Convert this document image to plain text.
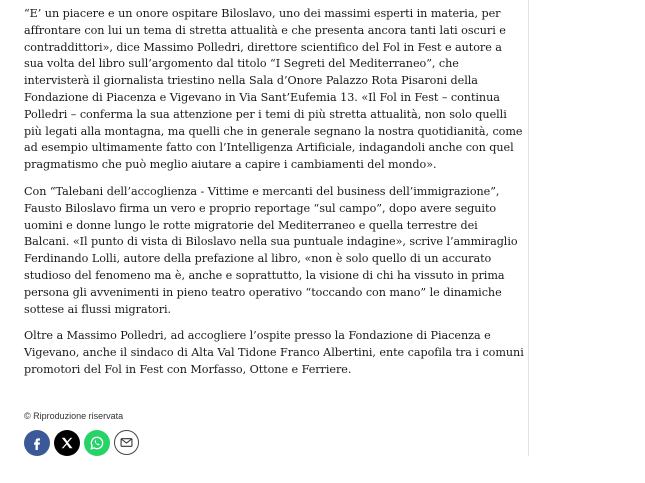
“E’ un piacere e un onore ospitare Biloslavo, uno dei massimi esperti in materia, per affrontare con lui un tema di stretta attualità e che presenta ancora tanti lati oscuri e contraddittori», dice Massimo Polledri, direttore scientifico del Fol in Fest e autore a sua volta del libro sull’argomento dal titolo “I Segreti del Mediterraneo”, che intervisterà il giornalista triestino nella Sala d’Onore Palazzo Rota Pisaroni della Fondazione di Piacenza e Vigevano in Via Sant’Eufemia 13. «Il Fol in Fest – continua Polledri – conferma la sua attenzione per i temi di più stretta attualità, non solo quelli più legati alla montagna, ma quelli che in generale segnano la nostra quotidianità, come ad esempio ultimamente fatto con l’Intelligenza Artificiale, indagandoli anche con quel pragmatismo che può meglio aiutare a capire i cambiamenti del mondo».

Con “Talebani dell’accoglienza - Vittime e mercanti del business dell’immigrazione”, Fausto Biloslavo firma un vero e proprio reportage “sul campo”, dopo avere seguito uomini e donne lungo le rotte migratorie del Mediterraneo e quella terrestre dei Balcani. «Il punto di vista di Biloslavo nella sua puntuale indagine», scrive l’ammiraglio Ferdinando Lolli, autore della prefazione al libro, «non è solo quello di un accurato studioso del fenomeno ma è, anche e soprattutto, la visione di chi ha vissuto in prima persona gli avvenimenti in pieno teatro operativo “toccando con mano” le dinamiche sottese ai flussi migratori.

Oltre a Massimo Polledri, ad accogliere l’ospite presso la Fondazione di Piacenza e Vigevano, anche il sindaco di Alta Val Tidone Franco Albertini, ente capofila tra i comuni promotori del Fol in Fest con Morfasso, Ottone e Ferriere.

© Riproduzione riservata
